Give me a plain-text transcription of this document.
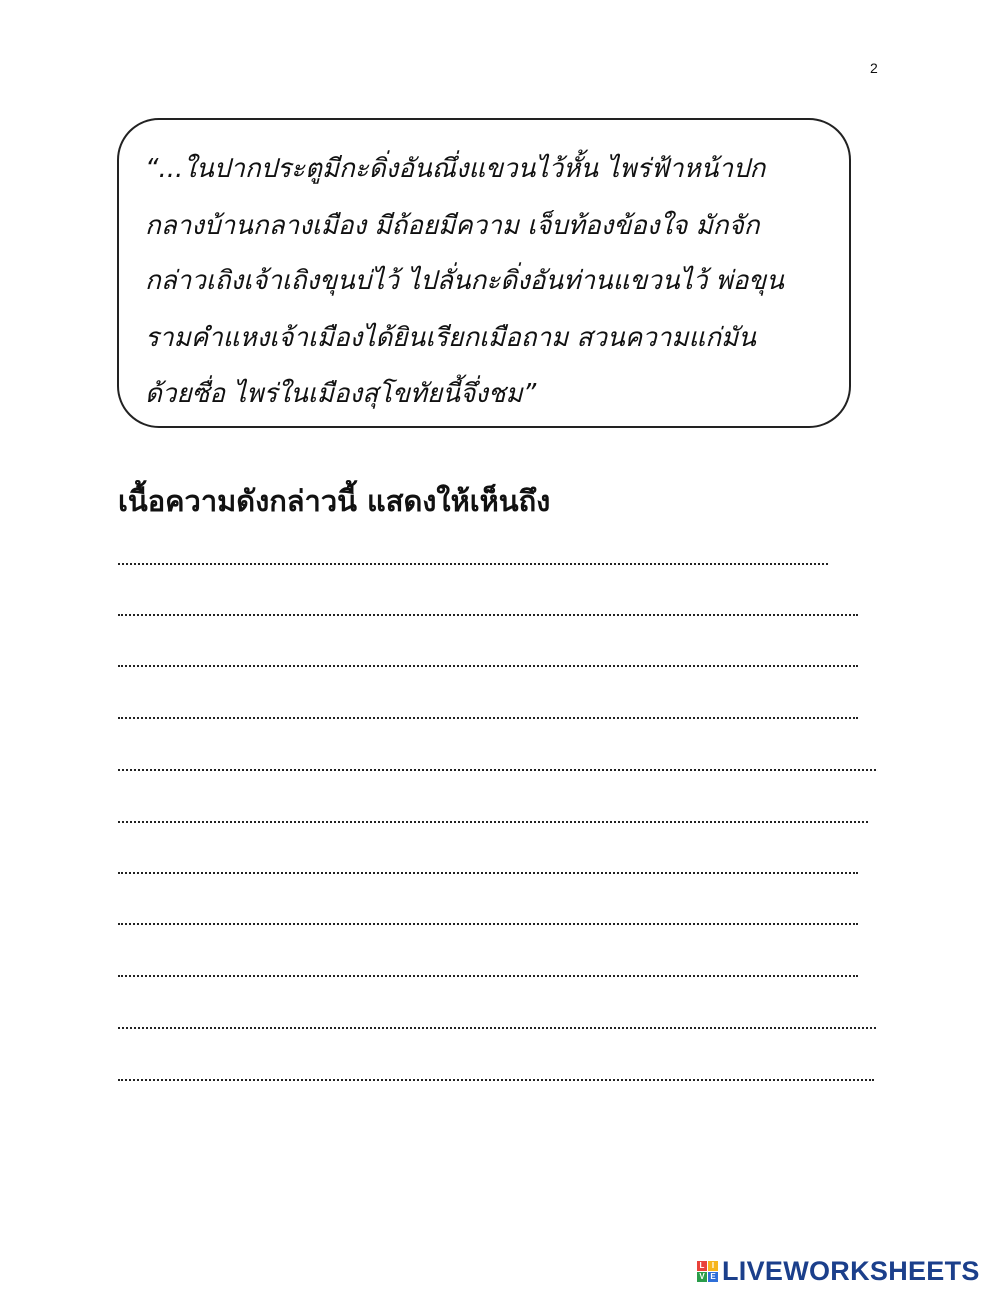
2
“...ในปากประตูมีกะดิ่งอันณึ่งแขวนไว้หั้น ไพร่ฟ้าหน้าปก
กลางบ้านกลางเมือง มีถ้อยมีความ เจ็บท้องข้องใจ มักจัก
กล่าวเถิงเจ้าเถิงขุนบ่ไว้ ไปลั่นกะดิ่งอันท่านแขวนไว้ พ่อขุน
รามคำแหงเจ้าเมืองได้ยินเรียกเมือถาม สวนความแก่มัน
ด้วยซื่อ ไพร่ในเมืองสุโขทัยนี้จึ่งชม”
เนื้อความดังกล่าวนี้ แสดงให้เห็นถึง
L I
V E LIVEWORKSHEETS
